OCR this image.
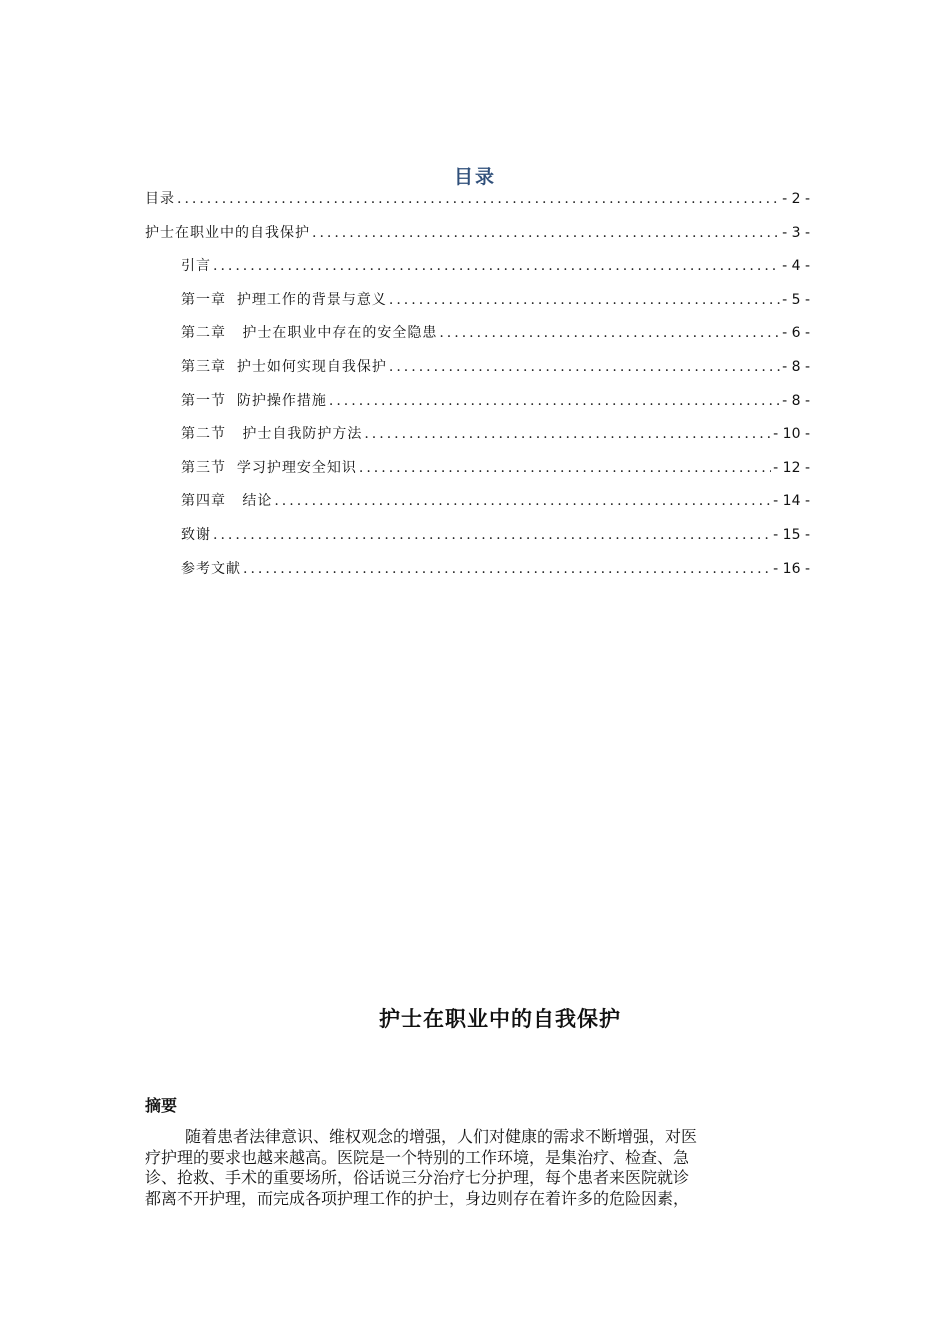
目录
目录 .....	- 2 -
护士在职业中的自我保护 .....	- 3 -
引言 .....	- 4 -
第一章  护理工作的背景与意义 .....	- 5 -
第二章   护士在职业中存在的安全隐患 .....	- 6 -
第三章  护士如何实现自我保护 .....	- 8 -
第一节  防护操作措施 .....	- 8 -
第二节   护士自我防护方法 .....	- 10 -
第三节  学习护理安全知识 .....	- 12 -
第四章   结论 .....	- 14 -
致谢 .....	- 15 -
参考文献 .....	- 16 -
护士在职业中的自我保护
摘要
随着患者法律意识、维权观念的增强，人们对健康的需求不断增强，对医
疗护理的要求也越来越高。医院是一个特别的工作环境，是集治疗、检查、急
诊、抢救、手术的重要场所，俗话说三分治疗七分护理，每个患者来医院就诊
都离不开护理，而完成各项护理工作的护士，身边则存在着许多的危险因素，
